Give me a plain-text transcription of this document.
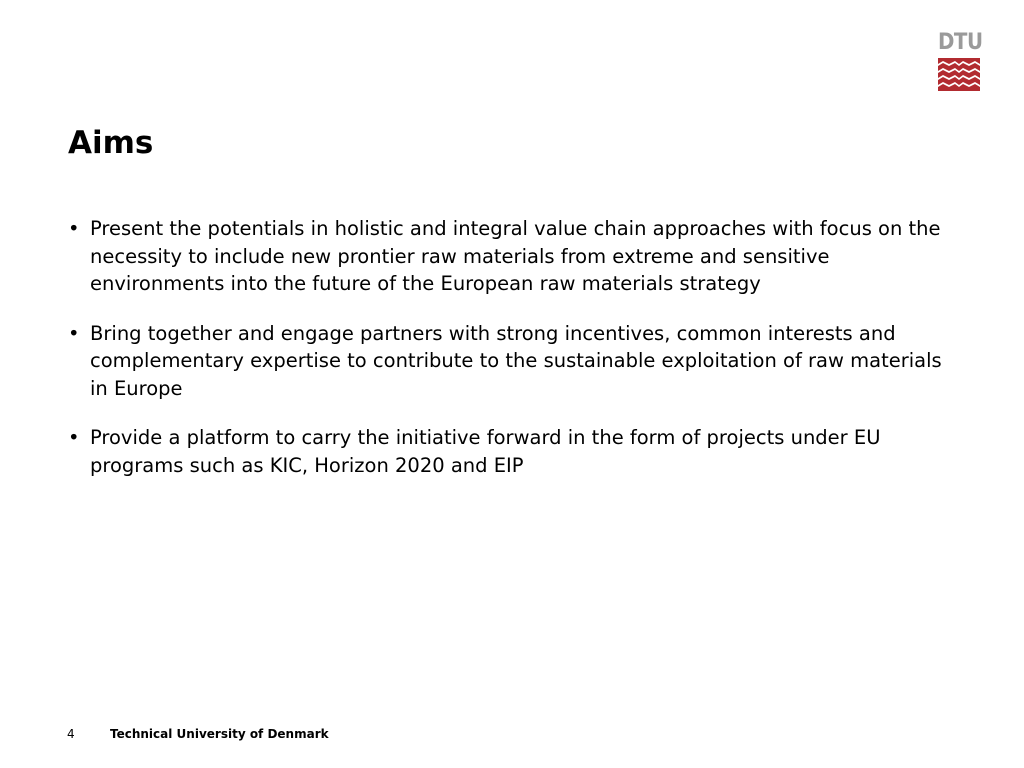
DTU
Aims
• Present the potentials in holistic and integral value chain approaches with focus on the necessity to include new prontier raw materials from extreme and sensitive environments into the future of the European raw materials strategy
• Bring together and engage partners with strong incentives, common interests and complementary expertise to contribute to the sustainable exploitation of raw materials in Europe
• Provide a platform to carry the initiative forward in the form of projects under EU programs such as KIC, Horizon 2020 and EIP
4	Technical University of Denmark
